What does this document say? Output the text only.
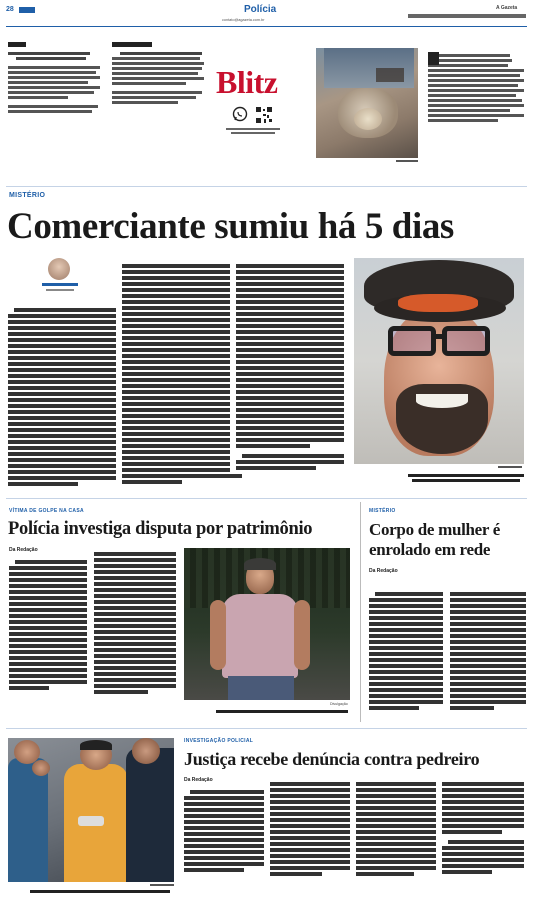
28	Polícia
contato@agazeta.com.br
A Gazeta
Blitz
MISTÉRIO
Comerciante sumiu há 5 dias
VÍTIMA DE GOLPE NA CASA
Polícia investiga disputa por patrimônio
Da Redação
Divulgação
MISTÉRIO
Corpo de mulher é enrolado em rede
Da Redação
INVESTIGAÇÃO POLICIAL
Justiça recebe denúncia contra pedreiro
Da Redação
